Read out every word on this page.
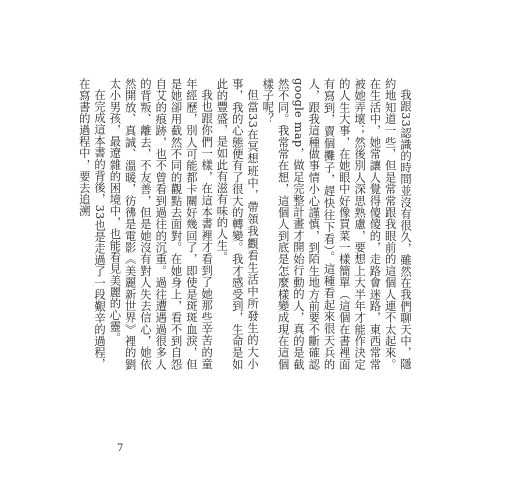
我跟33認識的時間並沒有很久，雖然在我們聊天中，隱約地知道一些，但是常常跟我眼前的這個人連不太起來。在生活中，她常讓人覺得傻傻的，走路會迷路，東西常常被她弄壞；然後別人深思熟慮，要想上大半年才能作決定的人生大事，在她眼中好像買菜一樣簡單（這個在書裡面有寫到，賣個攤子，趕快往下看）。這種看起來很天兵的人，跟我這種做事情小心謹慎，到陌生地方前要不斷確認 google map，做足完整計畫才開始行動的人，真的是截然不同。我常常在想，這個人到底是怎麼樣變成現在這個樣子呢？

但當33在冥想班中，帶領我觀看生活中所發生的大小事，我的心態便有了很大的轉變。我才感受到，生命是如此的豐盛，是如此有滋有味的人生。

我也跟你們一樣，在這本書裡才看到了她那些辛苦的童年經歷，別人可能都卡關好幾回了，即使是斑斑血淚，但是她卻用截然不同的觀點去面對。在她身上，看不到自怨自艾的痕跡，也不曾看到過往的沉重。過往遭遇過很多人的背叛、離去，不友善，但是她沒有對人失去信心，她依然開放、真誠、溫暖，彷彿是電影《美麗新世界》裡的劉太小男孩，最遼雜的困境中，也能看見美麗的心靈。

在完成這本書的背後，33也是走過了一段艱辛的過程，在寫書的過程中，要去追溯

7
